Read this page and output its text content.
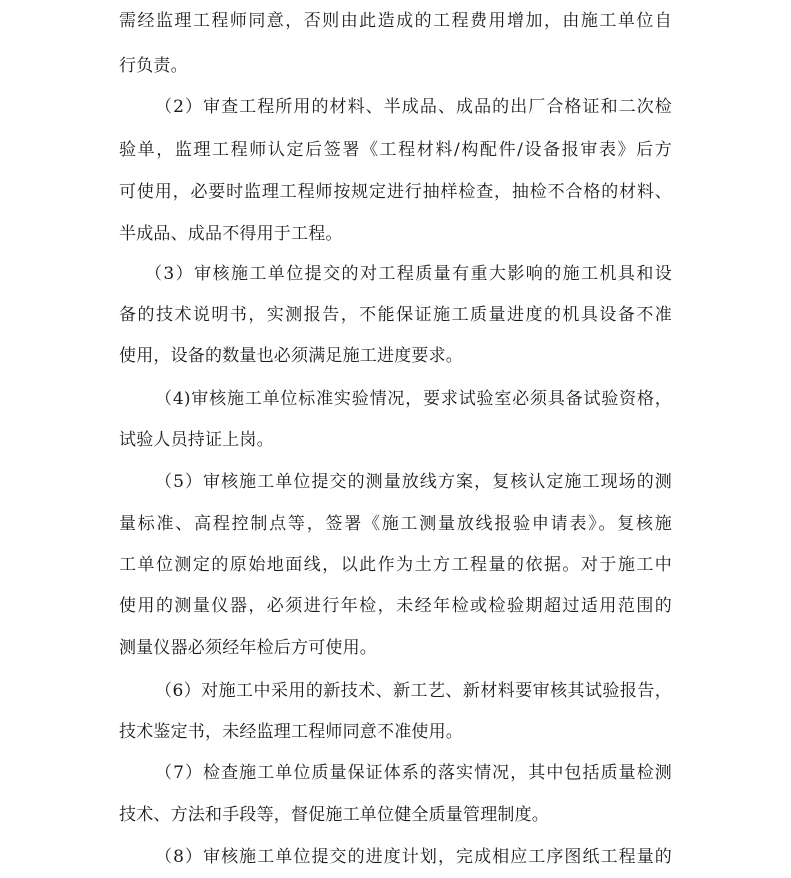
需经监理工程师同意，否则由此造成的工程费用增加，由施工单位自
行负责。
（2）审查工程所用的材料、半成品、成品的出厂合格证和二次检
验单，监理工程师认定后签署《工程材料/构配件/设备报审表》后方
可使用，必要时监理工程师按规定进行抽样检查，抽检不合格的材料、
半成品、成品不得用于工程。
（3）审核施工单位提交的对工程质量有重大影响的施工机具和设
备的技术说明书，实测报告，不能保证施工质量进度的机具设备不准
使用，设备的数量也必须满足施工进度要求。
（4)审核施工单位标准实验情况，要求试验室必须具备试验资格，
试验人员持证上岗。
（5）审核施工单位提交的测量放线方案，复核认定施工现场的测
量标准、高程控制点等，签署《施工测量放线报验申请表》。复核施
工单位测定的原始地面线，以此作为土方工程量的依据。对于施工中
使用的测量仪器，必须进行年检，未经年检或检验期超过适用范围的
测量仪器必须经年检后方可使用。
（6）对施工中采用的新技术、新工艺、新材料要审核其试验报告，
技术鉴定书，未经监理工程师同意不准使用。
（7）检查施工单位质量保证体系的落实情况，其中包括质量检测
技术、方法和手段等，督促施工单位健全质量管理制度。
（8）审核施工单位提交的进度计划，完成相应工序图纸工程量的
